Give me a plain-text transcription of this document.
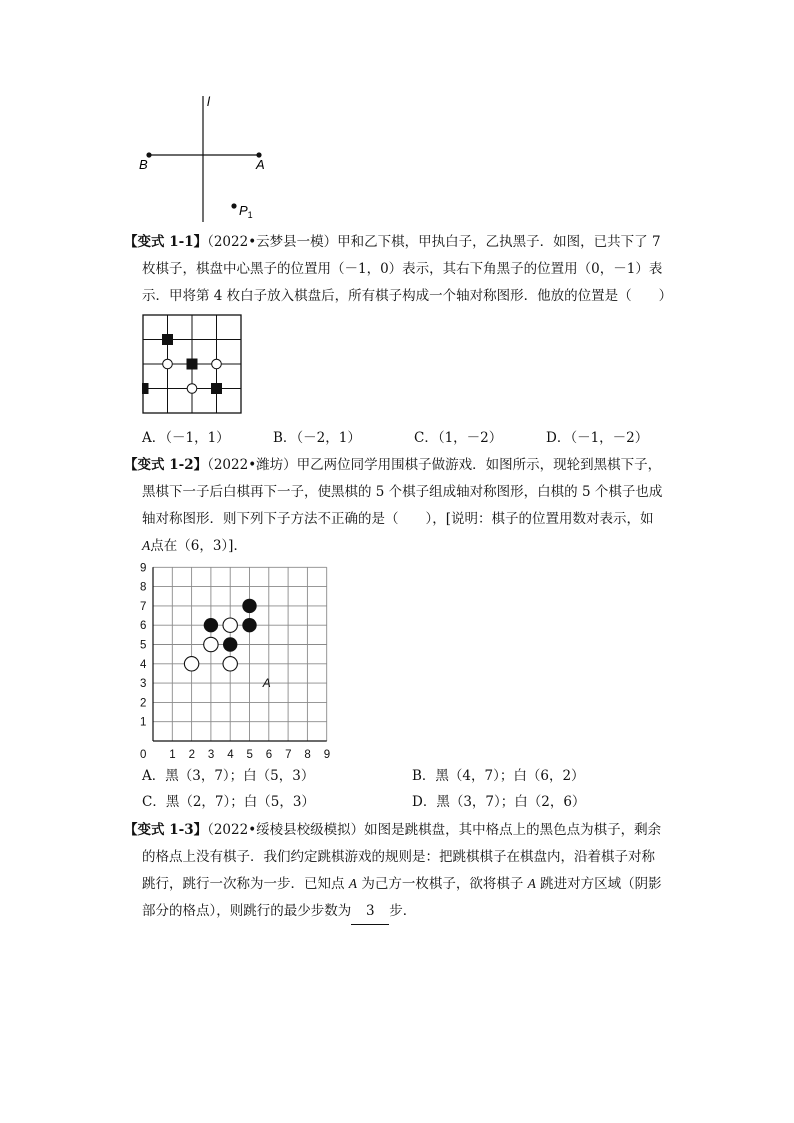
l
B	A
$P_1$
【变式 1-1】（2022•云梦县一模）甲和乙下棋，甲执白子，乙执黑子．如图，已共下了 7
枚棋子，棋盘中心黑子的位置用（－1，0）表示，其右下角黑子的位置用（0，－1）表
示．甲将第 4 枚白子放入棋盘后，所有棋子构成一个轴对称图形．他放的位置是（　　）
A．（－1，1）	B．（－2，1）	C．（1，－2）	D．（－1，－2）
【变式 1-2】（2022•潍坊）甲乙两位同学用围棋子做游戏．如图所示，现轮到黑棋下子，
黑棋下一子后白棋再下一子，使黑棋的 5 个棋子组成轴对称图形，白棋的 5 个棋子也成
轴对称图形．则下列下子方法不正确的是（　　），[说明：棋子的位置用数对表示，如
A点在（6，3）]．
0 1 2 3 4 5 6 7 8 9
1
2
3
4
5
6
7
8
9
A
A．黑（3，7）；白（5，3）	B．黑（4，7）；白（6，2）
C．黑（2，7）；白（5，3）	D．黑（3，7）；白（2，6）
【变式 1-3】（2022•绥棱县校级模拟）如图是跳棋盘，其中格点上的黑色点为棋子，剩余
的格点上没有棋子．我们约定跳棋游戏的规则是：把跳棋棋子在棋盘内，沿着棋子对称
跳行，跳行一次称为一步．已知点 A 为己方一枚棋子，欲将棋子 A 跳进对方区域（阴影
部分的格点），则跳行的最少步数为 3 步．
